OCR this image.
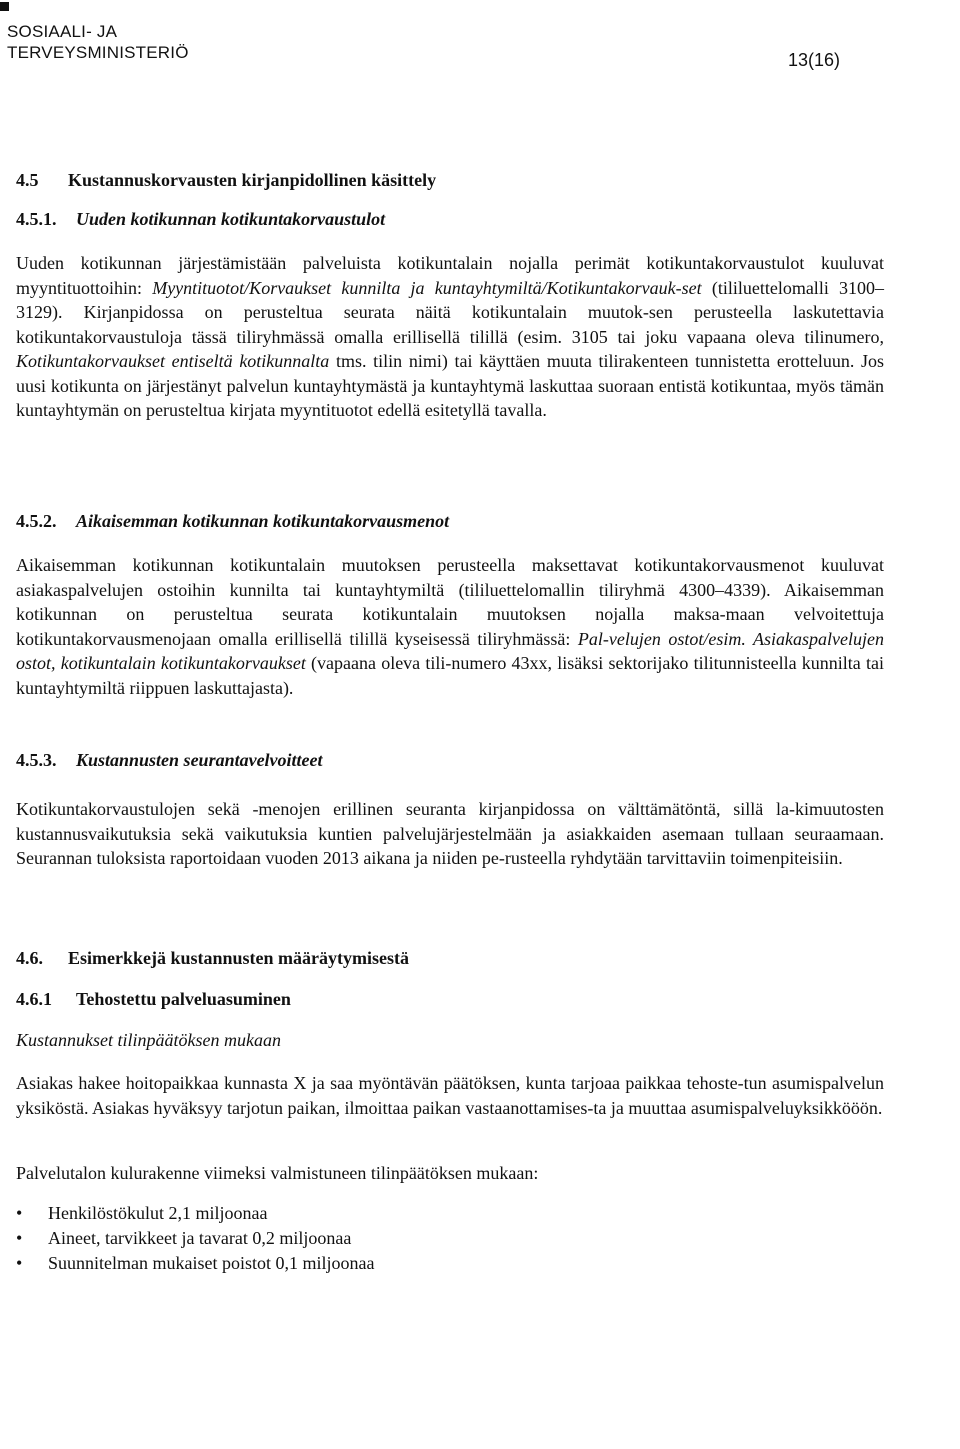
SOSIAALI- JA
TERVEYSMINISTERIÖ	13(16)
4.5 Kustannuskorvausten kirjanpidollinen käsittely
4.5.1. Uuden kotikunnan kotikuntakorvaustulot

Uuden kotikunnan järjestämistään palveluista kotikuntalain nojalla perimät kotikuntakorvaustulot kuuluvat myyntituottoihin: Myyntituotot/Korvaukset kunnilta ja kuntayhtymiltä/Kotikuntakorvauk-set (tililuettelomalli 3100–3129). Kirjanpidossa on perusteltua seurata näitä kotikuntalain muutok-sen perusteella laskutettavia kotikuntakorvaustuloja tässä tiliryhmässä omalla erillisellä tilillä (esim. 3105 tai joku vapaana oleva tilinumero, Kotikuntakorvaukset entiseltä kotikunnalta tms. tilin nimi) tai käyttäen muuta tilirakenteen tunnistetta erotteluun. Jos uusi kotikunta on järjestänyt palvelun kuntayhtymästä ja kuntayhtymä laskuttaa suoraan entistä kotikuntaa, myös tämän kuntayhtymän on perusteltua kirjata myyntituotot edellä esitetyllä tavalla.

4.5.2. Aikaisemman kotikunnan kotikuntakorvausmenot

Aikaisemman kotikunnan kotikuntalain muutoksen perusteella maksettavat kotikuntakorvausmenot kuuluvat asiakaspalvelujen ostoihin kunnilta tai kuntayhtymiltä (tililuettelomallin tiliryhmä 4300–4339). Aikaisemman kotikunnan on perusteltua seurata kotikuntalain muutoksen nojalla maksa-maan velvoitettuja kotikuntakorvausmenojaan omalla erillisellä tilillä kyseisessä tiliryhmässä: Pal-velujen ostot/esim. Asiakaspalvelujen ostot, kotikuntalain kotikuntakorvaukset (vapaana oleva tili-numero 43xx, lisäksi sektorijako tilitunnisteella kunnilta tai kuntayhtymiltä riippuen laskuttajasta).

4.5.3. Kustannusten seurantavelvoitteet

Kotikuntakorvaustulojen sekä -menojen erillinen seuranta kirjanpidossa on välttämätöntä, sillä la-kimuutosten kustannusvaikutuksia sekä vaikutuksia kuntien palvelujärjestelmään ja asiakkaiden asemaan tullaan seuraamaan. Seurannan tuloksista raportoidaan vuoden 2013 aikana ja niiden pe-rusteella ryhdytään tarvittaviin toimenpiteisiin.

4.6. Esimerkkejä kustannusten määräytymisestä
4.6.1 Tehostettu palveluasuminen
Kustannukset tilinpäätöksen mukaan

Asiakas hakee hoitopaikkaa kunnasta X ja saa myöntävän päätöksen, kunta tarjoaa paikkaa tehoste-tun asumispalvelun yksiköstä. Asiakas hyväksyy tarjotun paikan, ilmoittaa paikan vastaanottamises-ta ja muuttaa asumispalveluyksikkööön.

Palvelutalon kulurakenne viimeksi valmistuneen tilinpäätöksen mukaan:

• Henkilöstökulut 2,1 miljoonaa
• Aineet, tarvikkeet ja tavarat 0,2 miljoonaa
• Suunnitelman mukaiset poistot 0,1 miljoonaa
